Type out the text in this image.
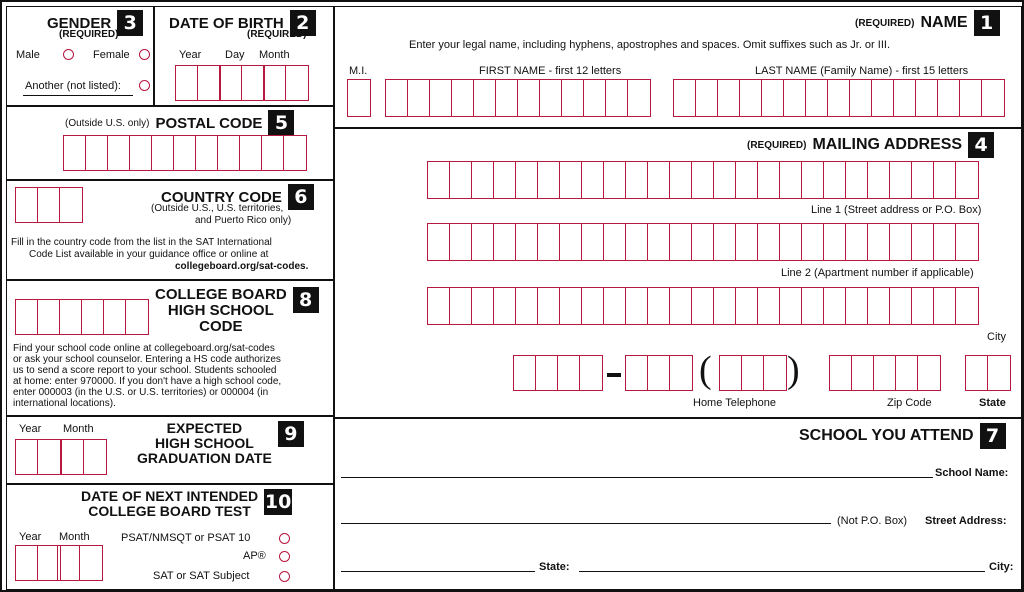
GENDER 3
(REQUIRED)
Male	Female
Another (not listed):
DATE OF BIRTH 2
(REQUIRED)
Year Day Month
(REQUIRED) NAME 1
Enter your legal name, including hyphens, apostrophes and spaces. Omit suffixes such as Jr. or III.
LAST NAME (Family Name) - first 15 letters
FIRST NAME - first 12 letters
M.I.
(Outside U.S. only) POSTAL CODE 5
(REQUIRED) MAILING ADDRESS 4
Line 1 (Street address or P.O. Box)
Line 2 (Apartment number if applicable)
City
( )
Home Telephone	Zip Code	State
COUNTRY CODE 6
(Outside U.S., U.S. territories,
and Puerto Rico only)
Fill in the country code from the list in the SAT International
Code List available in your guidance office or online at
collegeboard.org/sat-codes.
COLLEGE BOARD
HIGH SCHOOL
CODE
8
Find your school code online at collegeboard.org/sat-codes
or ask your school counselor. Entering a HS code authorizes
us to send a score report to your school. Students schooled
at home: enter 970000. If you don't have a high school code,
enter 000003 (in the U.S. or U.S. territories) or 000004 (in
international locations).
EXPECTED
HIGH SCHOOL
GRADUATION DATE
9
Year Month
DATE OF NEXT INTENDED
COLLEGE BOARD TEST 10
Year Month	PSAT/NMSQT or PSAT 10
AP®
SAT or SAT Subject
SCHOOL YOU ATTEND 7
School Name:
(Not P.O. Box) Street Address:
State:	City:
